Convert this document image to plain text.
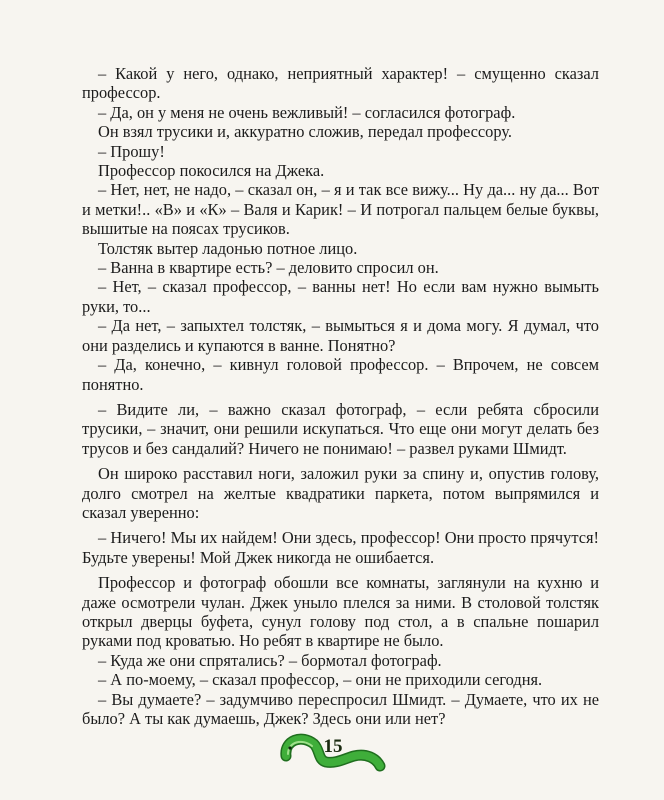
– Какой у него, однако, неприятный характер! – смущенно сказал профессор.

– Да, он у меня не очень вежливый! – согласился фотограф.

Он взял трусики и, аккуратно сложив, передал профессору.

– Прошу!

Профессор покосился на Джека.

– Нет, нет, не надо, – сказал он, – я и так все вижу... Ну да... ну да... Вот и метки!.. «В» и «К» – Валя и Карик! – И потрогал пальцем белые буквы, вышитые на поясах трусиков.

Толстяк вытер ладонью потное лицо.

– Ванна в квартире есть? – деловито спросил он.

– Нет, – сказал профессор, – ванны нет! Но если вам нужно вымыть руки, то...

– Да нет, – запыхтел толстяк, – вымыться я и дома могу. Я думал, что они разделись и купаются в ванне. Понятно?

– Да, конечно, – кивнул головой профессор. – Впрочем, не совсем понятно.

– Видите ли, – важно сказал фотограф, – если ребята сбросили трусики, – значит, они решили искупаться. Что еще они могут делать без трусов и без сандалий? Ничего не понимаю! – развел руками Шмидт.

Он широко расставил ноги, заложил руки за спину и, опустив голову, долго смотрел на желтые квадратики паркета, потом выпрямился и сказал уверенно:

– Ничего! Мы их найдем! Они здесь, профессор! Они просто прячутся! Будьте уверены! Мой Джек никогда не ошибается.

Профессор и фотограф обошли все комнаты, заглянули на кухню и даже осмотрели чулан. Джек уныло плелся за ними. В столовой толстяк открыл дверцы буфета, сунул голову под стол, а в спальне пошарил руками под кроватью. Но ребят в квартире не было.

– Куда же они спрятались? – бормотал фотограф.

– А по-моему, – сказал профессор, – они не приходили сегодня.

– Вы думаете? – задумчиво переспросил Шмидт. – Думаете, что их не было? А ты как думаешь, Джек? Здесь они или нет?

15
